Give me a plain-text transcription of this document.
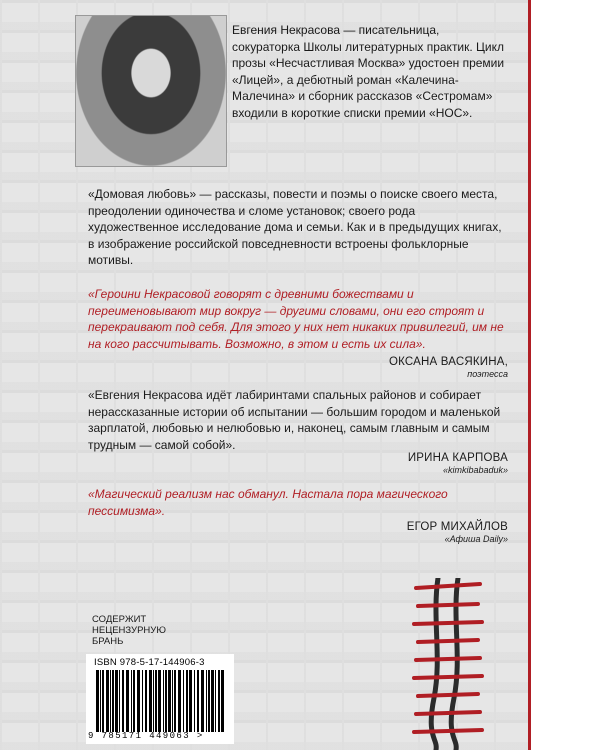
Евгения Некрасова — писательница, сокураторка Школы литературных практик. Цикл прозы «Несчастливая Москва» удостоен премии «Лицей», а дебютный роман «Калечина-Малечина» и сборник рассказов «Сестромам» входили в короткие списки премии «НОС».
«Домовая любовь» — рассказы, повести и поэмы о поиске своего места, преодолении одиночества и сломе установок; своего рода художественное исследование дома и семьи. Как и в предыдущих книгах, в изображение российской повседневности встроены фольклорные мотивы.
«Героини Некрасовой говорят с древними божествами и переименовывают мир вокруг — другими словами, они его строят и перекраивают под себя. Для этого у них нет никаких привилегий, им не на кого рассчитывать. Возможно, в этом и есть их сила».
ОКСАНА ВАСЯКИНА,
поэтесса
«Евгения Некрасова идёт лабиринтами спальных районов и собирает нерассказанные истории об испытании — большим городом и маленькой зарплатой, любовью и нелюбовью и, наконец, самым главным и самым трудным — самой собой».
ИРИНА КАРПОВА
«kimkibabaduk»
«Магический реализм нас обманул. Настала пора магического пессимизма».
ЕГОР МИХАЙЛОВ
«Афиша Daily»
СОДЕРЖИТ
НЕЦЕНЗУРНУЮ
БРАНЬ
ISBN 978-5-17-144906-3
9 785171 449063 >
